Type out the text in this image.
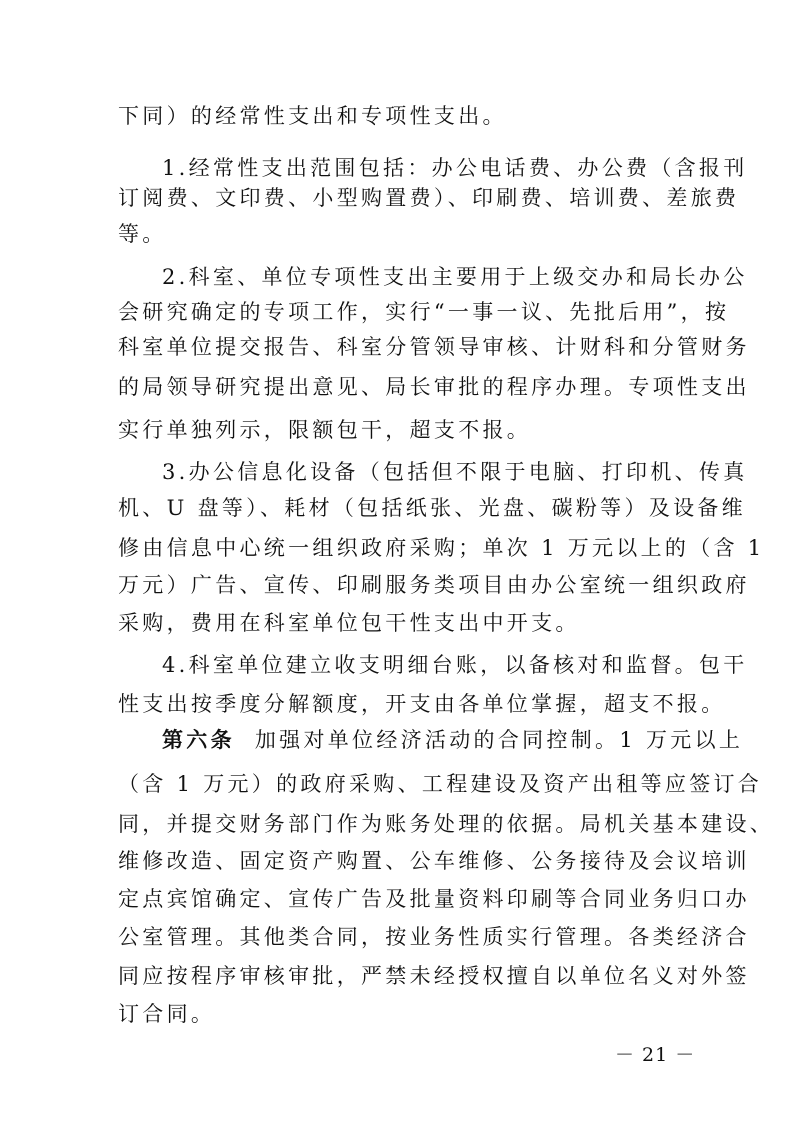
下同）的经常性支出和专项性支出。
1.经常性支出范围包括：办公电话费、办公费（含报刊
订阅费、文印费、小型购置费）、印刷费、培训费、差旅费
等。
2.科室、单位专项性支出主要用于上级交办和局长办公
会研究确定的专项工作，实行“一事一议、先批后用”，按
科室单位提交报告、科室分管领导审核、计财科和分管财务
的局领导研究提出意见、局长审批的程序办理。专项性支出
实行单独列示，限额包干，超支不报。
3.办公信息化设备（包括但不限于电脑、打印机、传真
机、U 盘等）、耗材（包括纸张、光盘、碳粉等）及设备维
修由信息中心统一组织政府采购；单次 1 万元以上的（含 1
万元）广告、宣传、印刷服务类项目由办公室统一组织政府
采购，费用在科室单位包干性支出中开支。
4.科室单位建立收支明细台账，以备核对和监督。包干
性支出按季度分解额度，开支由各单位掌握，超支不报。
第六条 加强对单位经济活动的合同控制。1 万元以上
（含 1 万元）的政府采购、工程建设及资产出租等应签订合
同，并提交财务部门作为账务处理的依据。局机关基本建设、
维修改造、固定资产购置、公车维修、公务接待及会议培训
定点宾馆确定、宣传广告及批量资料印刷等合同业务归口办
公室管理。其他类合同，按业务性质实行管理。各类经济合
同应按程序审核审批，严禁未经授权擅自以单位名义对外签
订合同。
－ 21 －
